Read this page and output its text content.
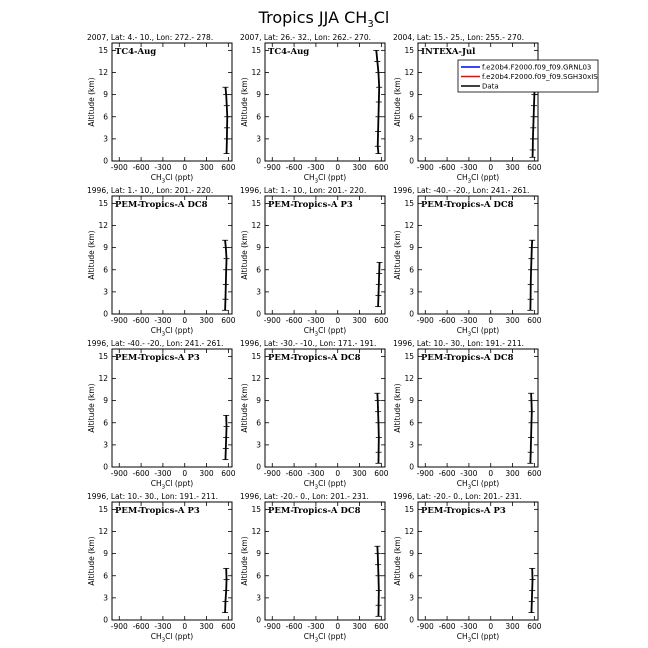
Tropics JJA $CH_3Cl$
2007, Lat: 4.- 10., Lon: 272.- 278.
TC4-Aug
-900 -600 -300 0 300 600
0
3
6
9
12
15
$CH_3Cl$ (ppt)
Altitude (km)
2007, Lat: 26.- 32., Lon: 262.- 270.
TC4-Aug
-900 -600 -300 0 300 600
0
3
6
9
12
15
$CH_3Cl$ (ppt)
Altitude (km)
2004, Lat: 15.- 25., Lon: 255.- 270.
INTEXA-Jul
-900 -600 -300 0 300 600
0
3
6
9
12
15
$CH_3Cl$ (ppt)
Altitude (km)
1996, Lat: 1.- 10., Lon: 201.- 220.
PEM-Tropics-A DC8
-900 -600 -300 0 300 600
0
3
6
9
12
15
$CH_3Cl$ (ppt)
Altitude (km)
1996, Lat: 1.- 10., Lon: 201.- 220.
PEM-Tropics-A P3
-900 -600 -300 0 300 600
0
3
6
9
12
15
$CH_3Cl$ (ppt)
Altitude (km)
1996, Lat: -40.- -20., Lon: 241.- 261.
PEM-Tropics-A DC8
-900 -600 -300 0 300 600
0
3
6
9
12
15
$CH_3Cl$ (ppt)
Altitude (km)
1996, Lat: -40.- -20., Lon: 241.- 261.
PEM-Tropics-A P3
-900 -600 -300 0 300 600
0
3
6
9
12
15
$CH_3Cl$ (ppt)
Altitude (km)
1996, Lat: -30.- -10., Lon: 171.- 191.
PEM-Tropics-A DC8
-900 -600 -300 0 300 600
0
3
6
9
12
15
$CH_3Cl$ (ppt)
Altitude (km)
1996, Lat: 10.- 30., Lon: 191.- 211.
PEM-Tropics-A DC8
-900 -600 -300 0 300 600
0
3
6
9
12
15
$CH_3Cl$ (ppt)
Altitude (km)
1996, Lat: 10.- 30., Lon: 191.- 211.
PEM-Tropics-A P3
-900 -600 -300 0 300 600
0
3
6
9
12
15
$CH_3Cl$ (ppt)
Altitude (km)
1996, Lat: -20.- 0., Lon: 201.- 231.
PEM-Tropics-A DC8
-900 -600 -300 0 300 600
0
3
6
9
12
15
$CH_3Cl$ (ppt)
Altitude (km)
1996, Lat: -20.- 0., Lon: 201.- 231.
PEM-Tropics-A P3
-900 -600 -300 0 300 600
0
3
6
9
12
15
$CH_3Cl$ (ppt)
Altitude (km)
f.e20b4.F2000.f09_f09.GRNL03
f.e20b4.F2000.f09_f09.SGH30xIS
Data
